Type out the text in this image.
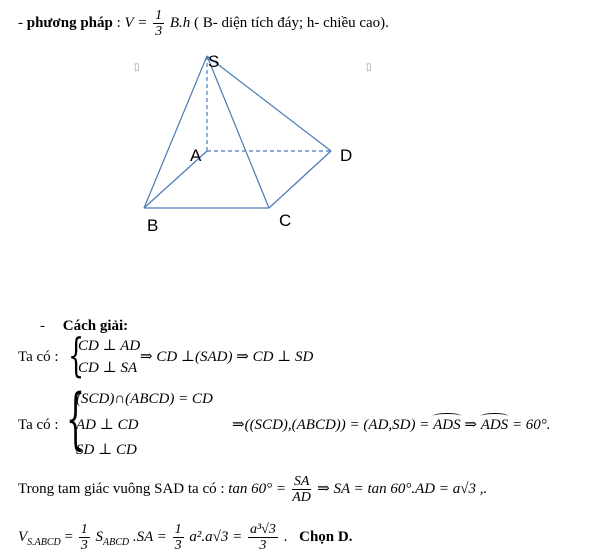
- phương pháp : $V = \frac{1}{3} B.h$ ( B- diện tích đáy; h- chiều cao).
▯	▯
S
A	D
B	C
- Cách giải:
Ta có : {
CD ⊥ AD
CD ⊥ SA
⇒ CD ⊥(SAD) ⇒ CD ⊥ SD
Ta có : {
(SCD)∩(ABCD) = CD
AD ⊥ CD
SD ⊥ CD
⇒((SCD),(ABCD)) = (AD,SD) = ADS ⇒ ADS = 60°.
Trong tam giác vuông SAD ta có : $\tan 60^\circ = \frac{SA}{AD}$ ⇒ SA = tan 60°.AD = a√3 ,.
$V_{S.ABCD} = \frac{1}{3} S_{ABCD}$ $.SA = \frac{1}{3} a^2.a√3 = \frac{\text{a³√3}}{3}$ . Chọn D.
